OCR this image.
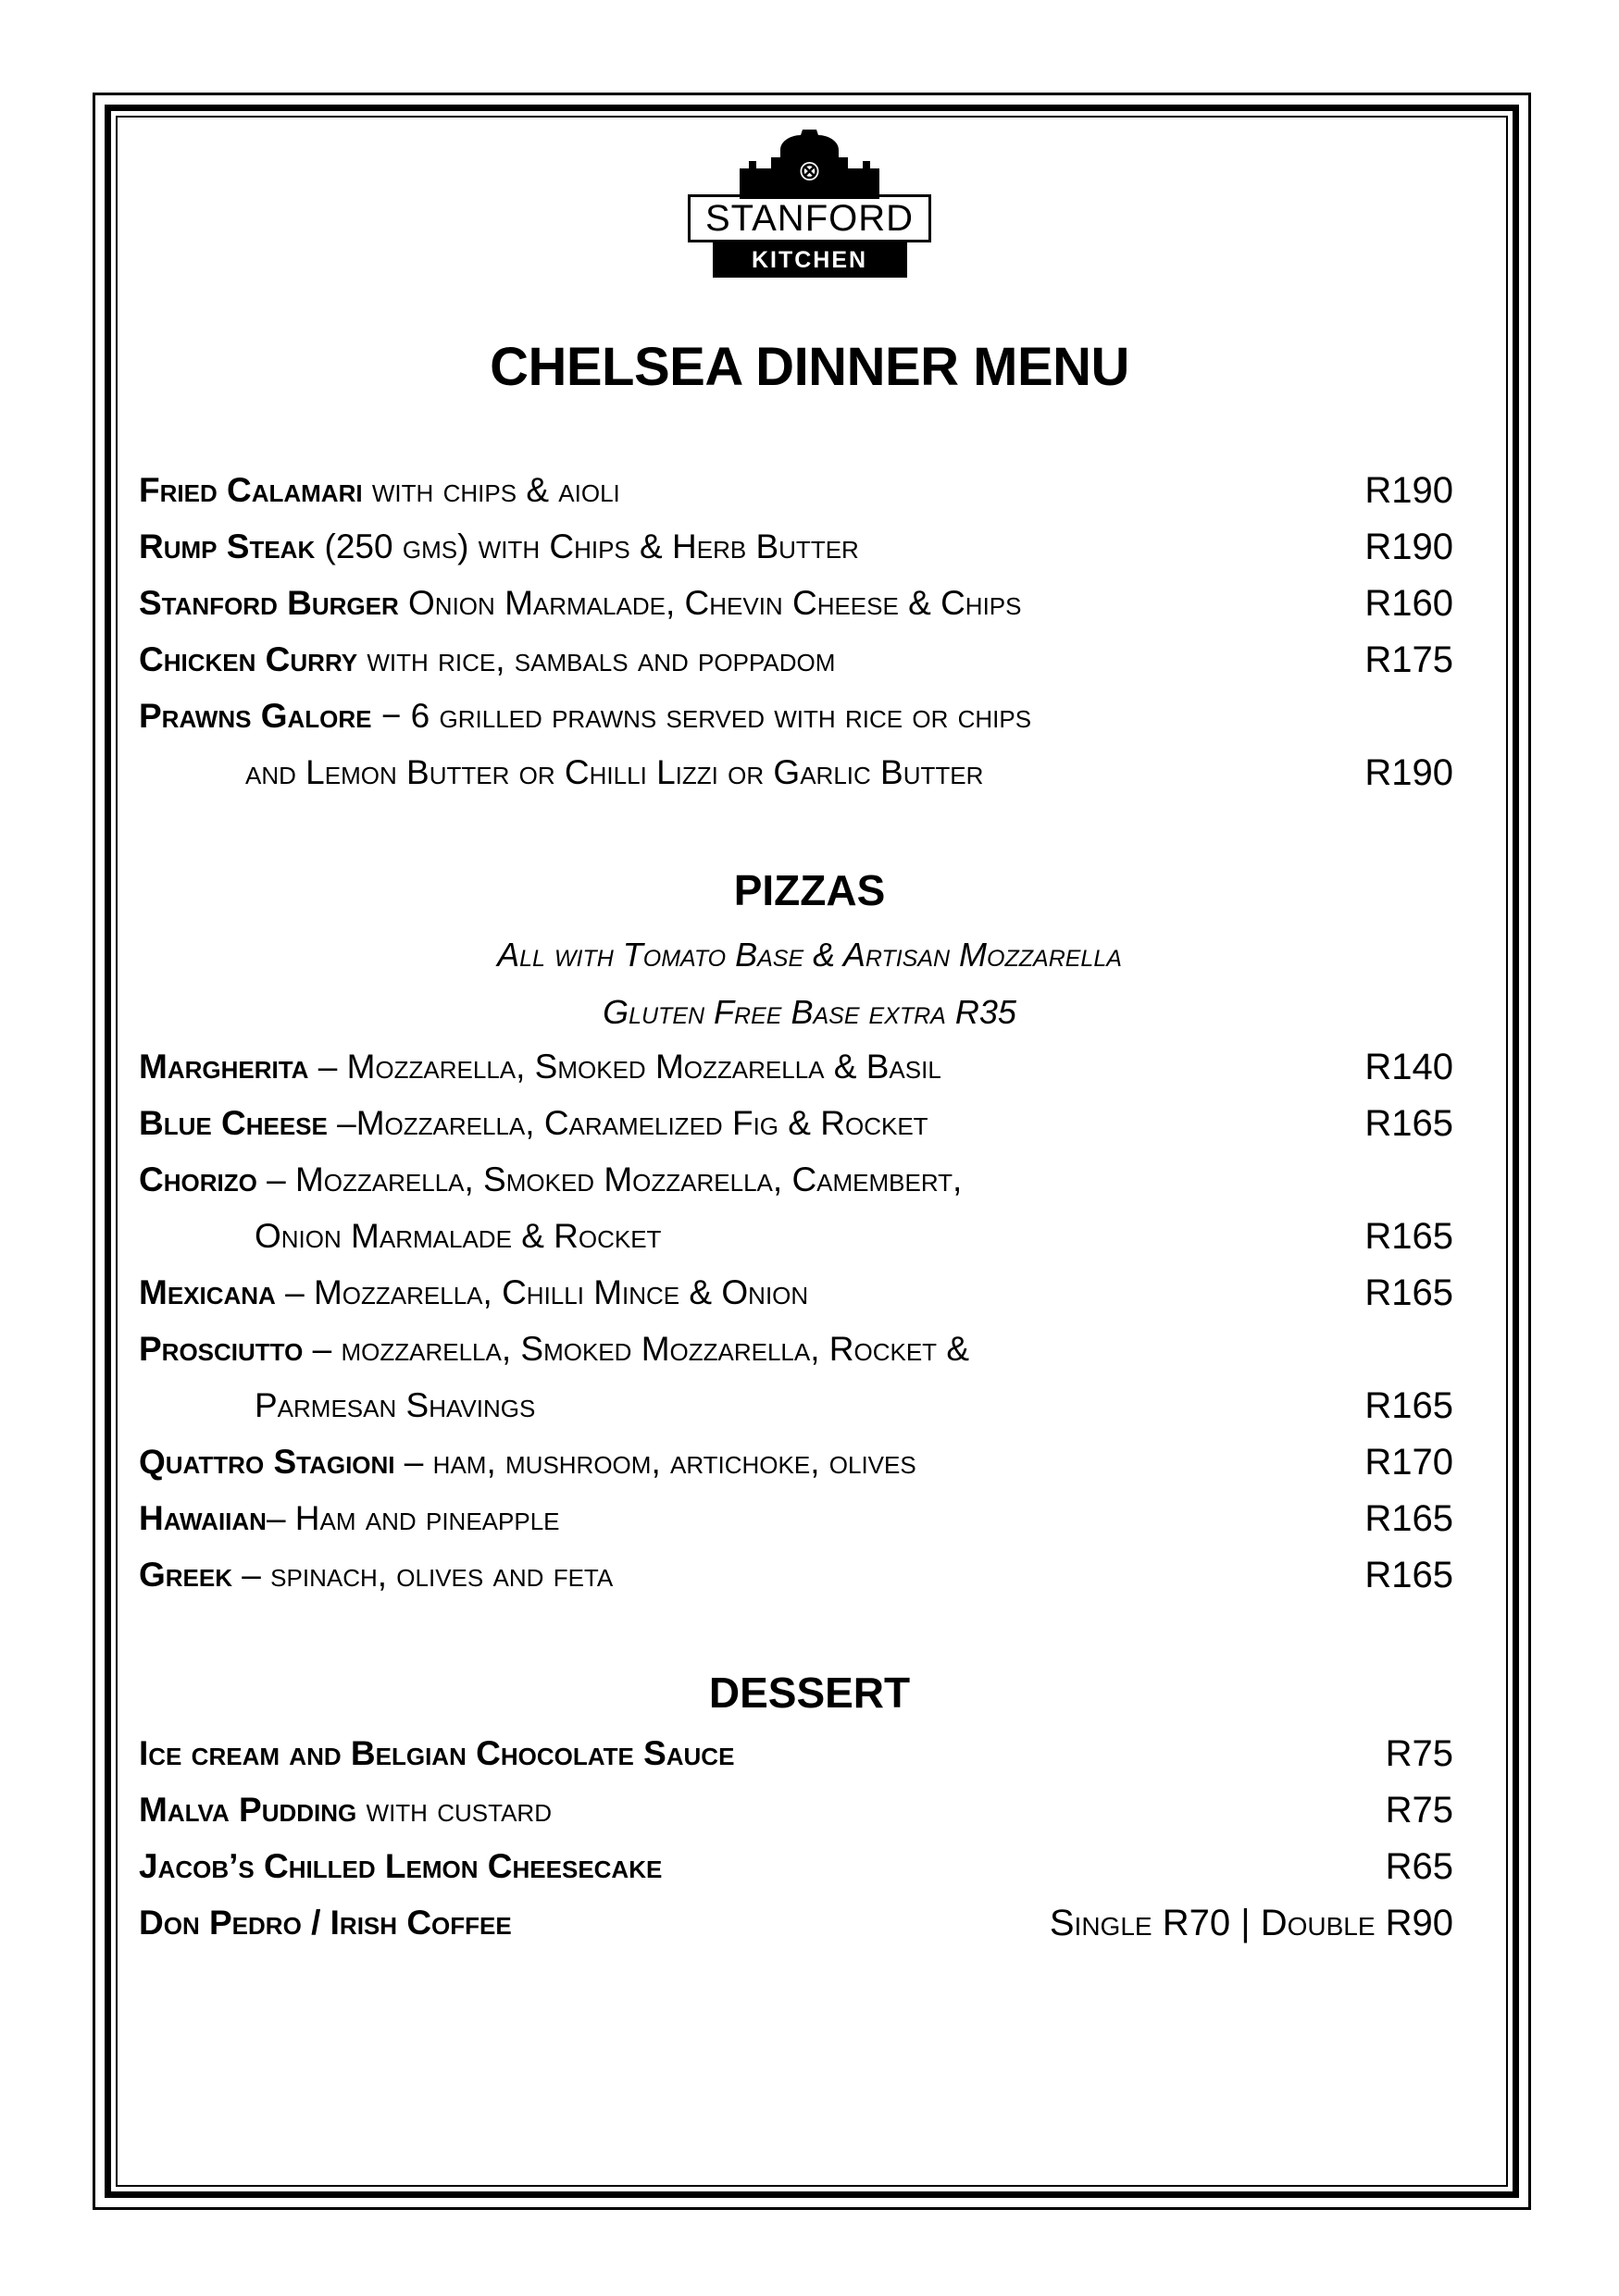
STANFORD
KITCHEN
CHELSEA DINNER MENU
Fried Calamari with chips & aioli	R190
Rump Steak (250 gms) with Chips & Herb Butter	R190
Stanford Burger Onion Marmalade, Chevin Cheese & Chips	R160
Chicken Curry with rice, sambals and poppadom	R175
Prawns Galore − 6 grilled prawns served with rice or chips
and Lemon Butter or Chilli Lizzi or Garlic Butter	R190
PIZZAS
All with Tomato Base & Artisan Mozzarella
Gluten Free Base extra R35
Margherita – Mozzarella, Smoked Mozzarella & Basil	R140
Blue Cheese –Mozzarella, Caramelized Fig & Rocket	R165
Chorizo – Mozzarella, Smoked Mozzarella, Camembert,
Onion Marmalade & Rocket	R165
Mexicana – Mozzarella, Chilli Mince & Onion	R165
Prosciutto – mozzarella, Smoked Mozzarella, Rocket &
Parmesan Shavings	R165
Quattro Stagioni – ham, mushroom, artichoke, olives	R170
Hawaiian– Ham and pineapple	R165
Greek – spinach, olives and feta	R165
DESSERT
Ice cream and Belgian Chocolate Sauce	R75
Malva Pudding with custard	R75
Jacob’s Chilled Lemon Cheesecake	R65
Don Pedro / Irish Coffee	Single R70 | Double R90
